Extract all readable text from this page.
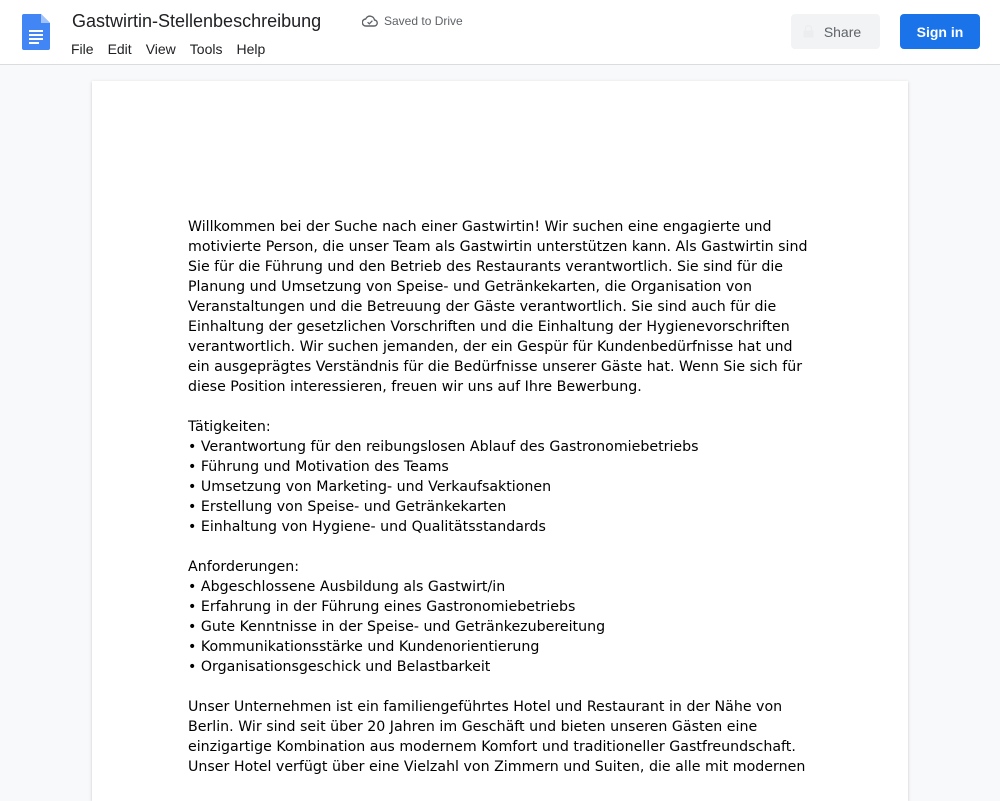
Gastwirtin-Stellenbeschreibung	Saved to Drive
File	Edit	View	Tools	Help
Share	Sign in

Willkommen bei der Suche nach einer Gastwirtin! Wir suchen eine engagierte und motivierte Person, die unser Team als Gastwirtin unterstützen kann. Als Gastwirtin sind Sie für die Führung und den Betrieb des Restaurants verantwortlich. Sie sind für die Planung und Umsetzung von Speise- und Getränkekarten, die Organisation von Veranstaltungen und die Betreuung der Gäste verantwortlich. Sie sind auch für die Einhaltung der gesetzlichen Vorschriften und die Einhaltung der Hygienevorschriften verantwortlich. Wir suchen jemanden, der ein Gespür für Kundenbedürfnisse hat und ein ausgeprägtes Verständnis für die Bedürfnisse unserer Gäste hat. Wenn Sie sich für diese Position interessieren, freuen wir uns auf Ihre Bewerbung.

Tätigkeiten:
• Verantwortung für den reibungslosen Ablauf des Gastronomiebetriebs
• Führung und Motivation des Teams
• Umsetzung von Marketing- und Verkaufsaktionen
• Erstellung von Speise- und Getränkekarten
• Einhaltung von Hygiene- und Qualitätsstandards
Anforderungen:
• Abgeschlossene Ausbildung als Gastwirt/in
• Erfahrung in der Führung eines Gastronomiebetriebs
• Gute Kenntnisse in der Speise- und Getränkezubereitung
• Kommunikationsstärke und Kundenorientierung
• Organisationsgeschick und Belastbarkeit

Unser Unternehmen ist ein familiengeführtes Hotel und Restaurant in der Nähe von Berlin. Wir sind seit über 20 Jahren im Geschäft und bieten unseren Gästen eine einzigartige Kombination aus modernem Komfort und traditioneller Gastfreundschaft. Unser Hotel verfügt über eine Vielzahl von Zimmern und Suiten, die alle mit modernen
